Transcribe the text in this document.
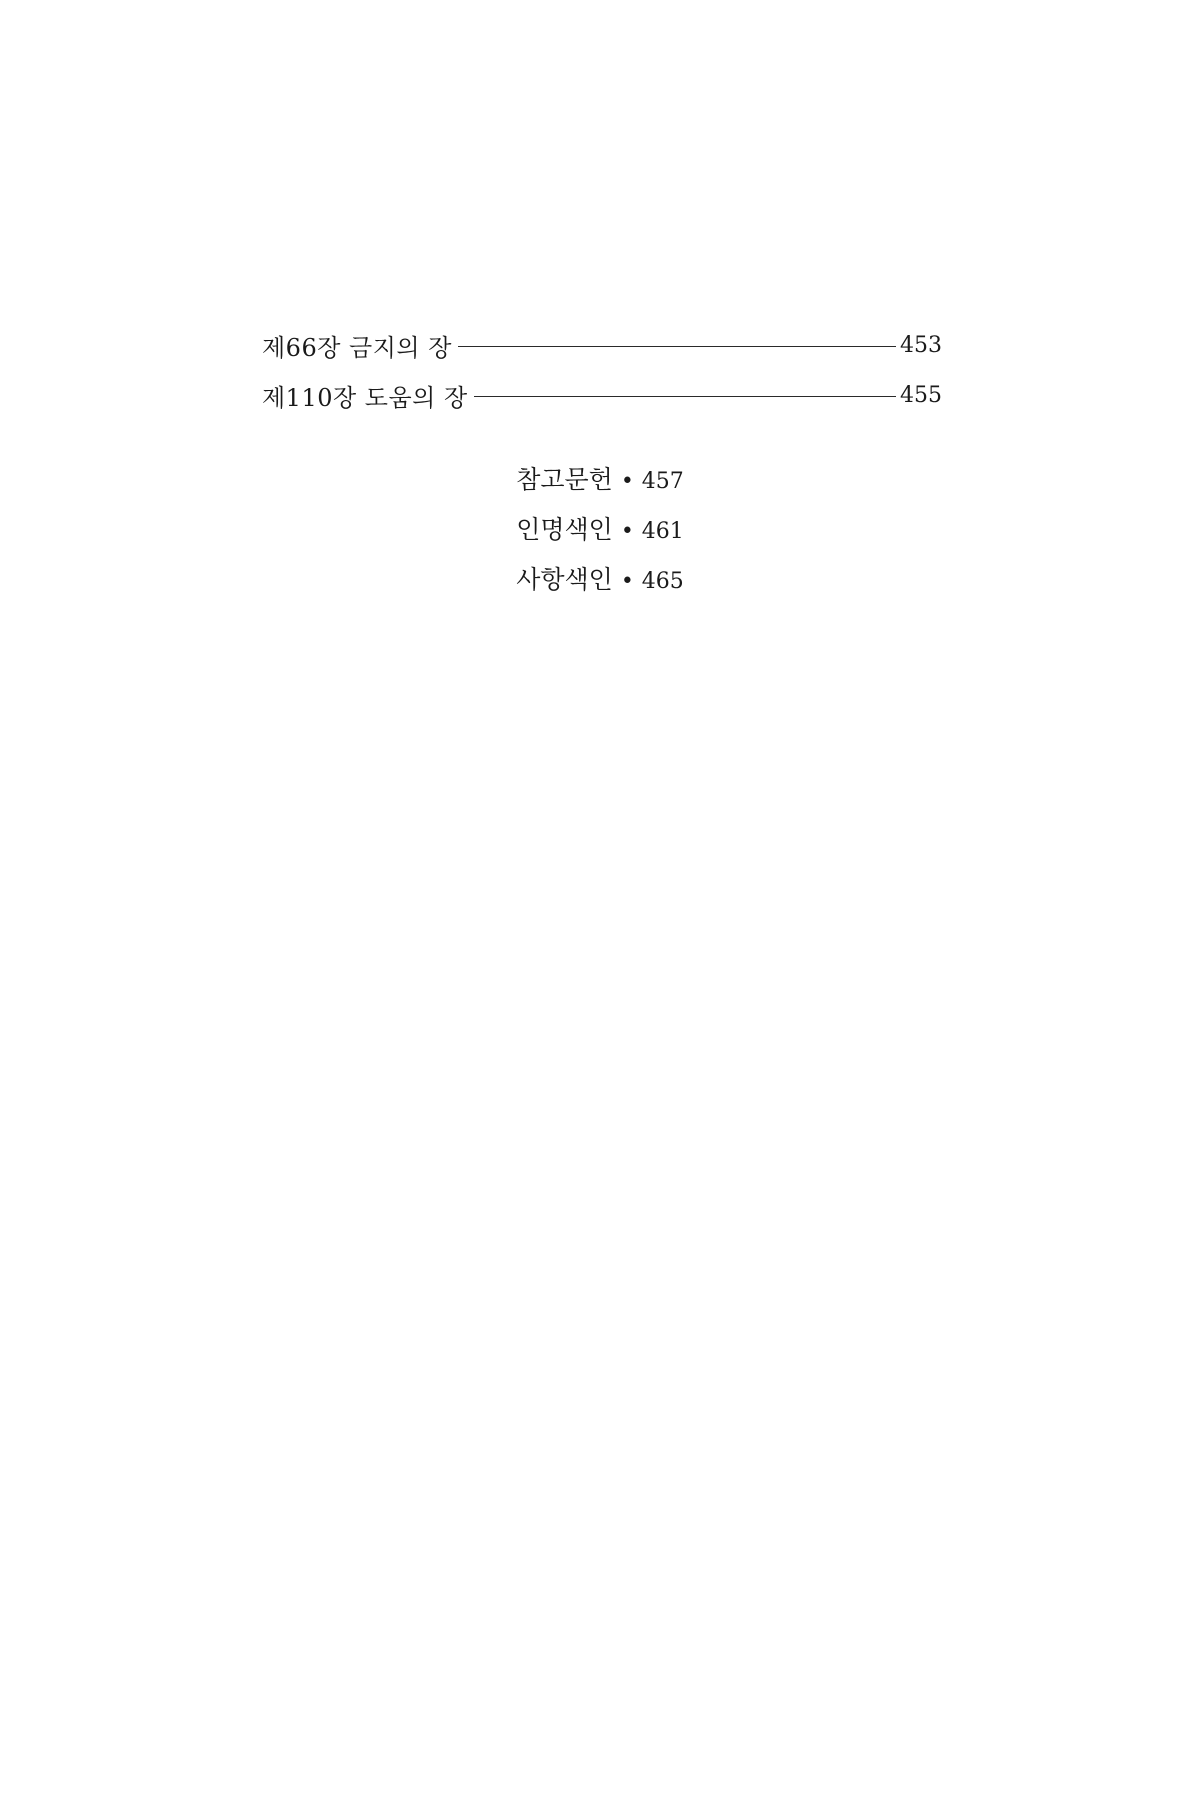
제66장 금지의 장	453
제110장 도움의 장	455
참고문헌 • 457
인명색인 • 461
사항색인 • 465
